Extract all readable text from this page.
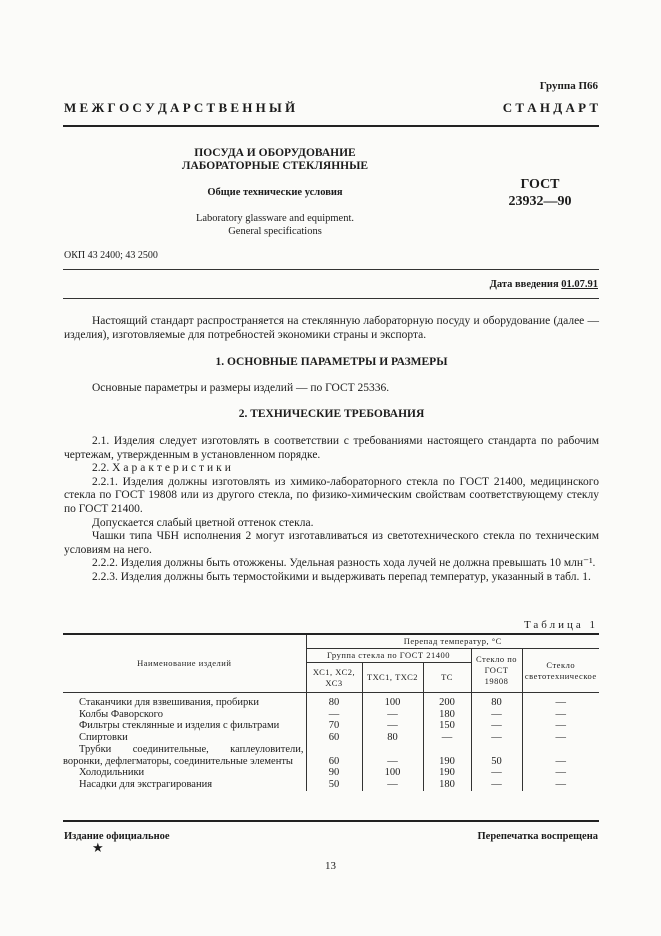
Группа П66
М Е Ж Г О С У Д А Р С Т В Е Н Н Ы Й	С Т А Н Д А Р Т
ПОСУДА И ОБОРУДОВАНИЕ
ЛАБОРАТОРНЫЕ СТЕКЛЯННЫЕ
Общие технические условия
Laboratory glassware and equipment.
General specifications
ГОСТ
23932—90
ОКП 43 2400; 43 2500
Дата введения 01.07.91

Настоящий стандарт распространяется на стеклянную лабораторную посуду и оборудование (далее — изделия), изготовляемые для потребностей экономики страны и экспорта.

1. ОСНОВНЫЕ ПАРАМЕТРЫ И РАЗМЕРЫ

Основные параметры и размеры изделий — по ГОСТ 25336.

2. ТЕХНИЧЕСКИЕ ТРЕБОВАНИЯ

2.1. Изделия следует изготовлять в соответствии с требованиями настоящего стандарта по рабочим чертежам, утвержденным в установленном порядке.

2.2. Характеристики

2.2.1. Изделия должны изготовлять из химико-лабораторного стекла по ГОСТ 21400, медицинского стекла по ГОСТ 19808 или из другого стекла, по физико-химическим свойствам соответствующему стеклу по ГОСТ 21400.

Допускается слабый цветной оттенок стекла.

Чашки типа ЧБН исполнения 2 могут изготавливаться из светотехнического стекла по техническим условиям на него.

2.2.2. Изделия должны быть отожжены. Удельная разность хода лучей не должна превышать 10 млн⁻¹.

2.2.3. Изделия должны быть термостойкими и выдерживать перепад температур, указанный в табл. 1.

Таблица 1
Наименование изделий	Перепад температур, °С				
	Группа стекла по ГОСТ 21400			Стекло по ГОСТ 19808	Стекло светотехническое
	ХС1, ХС2, ХС3	ТХС1, ТХС2	ТС		
Стаканчики для взвешивания, пробирки	80	100	200	80	—
Колбы Фаворского	—	—	180	—	—
Фильтры стеклянные и изделия с фильтрами	70	—	150	—	—
Спиртовки	60	80	—	—	—
Трубки соединительные, каплеуловители, воронки, дефлегматоры, соединительные элементы	60	—	190	50	—
Холодильники	90	100	190	—	—
Насадки для экстрагирования	50	—	180	—	—
Издание официальное	Перепечатка воспрещена
★
13
